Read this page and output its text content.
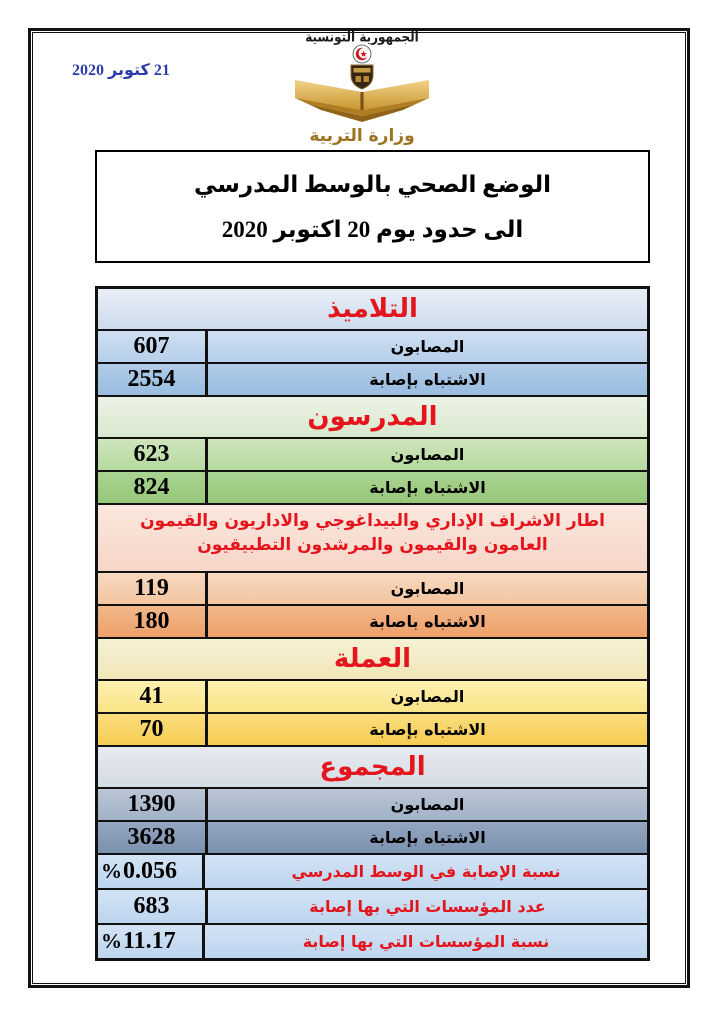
21 كتوبر 2020
الجمهورية التونسية
وزارة التربية
الوضع الصحي بالوسط المدرسي
الى حدود يوم 20 اكتوبر 2020
التلاميذ
607	المصابون
2554	الاشتباه بإصابة
المدرسون
623	المصابون
824	الاشتباه بإصابة
اطار الاشراف الإداري والبيداغوجي والاداريون والقيمون العامون والقيمون والمرشدون التطبيقيون
119	المصابون
180	الاشتباه باصابة
العملة
41	المصابون
70	الاشتباه بإصابة
المجموع
1390	المصابون
3628	الاشتباه بإصابة
% 0.056	نسبة الإصابة في الوسط المدرسي
683	عدد المؤسسات التي بها إصابة
% 11.17	نسبة المؤسسات التي بها إصابة
